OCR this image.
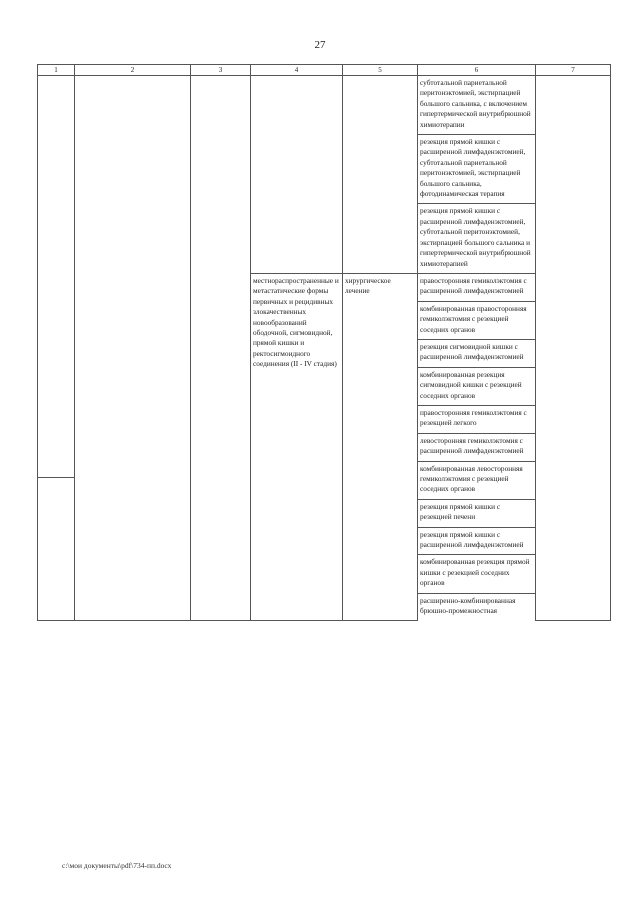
27
1	2	3	4	5	6	7

					субтотальной париетальной перитонэктомией, экстирпацией большого сальника, с включением гипертермической внутрибрюшной химиотерапии	
					резекция прямой кишки с расширенной лимфаденэктомией, субтотальной париетальной перитонэктомией, экстирпацией большого сальника, фотодинамическая терапия	
					резекция прямой кишки с расширенной лимфаденэктомией, субтотальной перитонэктомией, экстирпацией большого сальника и гипертермической внутрибрюшной химиотерапией	
			местнораспространенные и метастатические формы первичных и рецидивных злокачественных новообразований ободочной, сигмовидной, прямой кишки и ректосигмоидного соединения (II - IV стадия)	хирургическое лечение	правосторонняя гемиколэктомия с расширенной лимфаденэктомией	
					комбинированная правосторонняя гемиколэктомия с резекцией соседних органов	
					резекция сигмовидной кишки с расширенной лимфаденэктомией	
					комбинированная резекция сигмовидной кишки с резекцией соседних органов	
					правосторонняя гемиколэктомия с резекцией легкого	
					левосторонняя гемиколэктомия с расширенной лимфаденэктомией	
					комбинированная левосторонняя гемиколэктомия с резекцией соседних органов	
					резекция прямой кишки с резекцией печени	
					резекция прямой кишки с расширенной лимфаденэктомией	
					комбинированная резекция прямой кишки с резекцией соседних органов	
					расширенно-комбинированная брюшно-промежностная	
c:\мои документы\pdf\734-пп.docx
